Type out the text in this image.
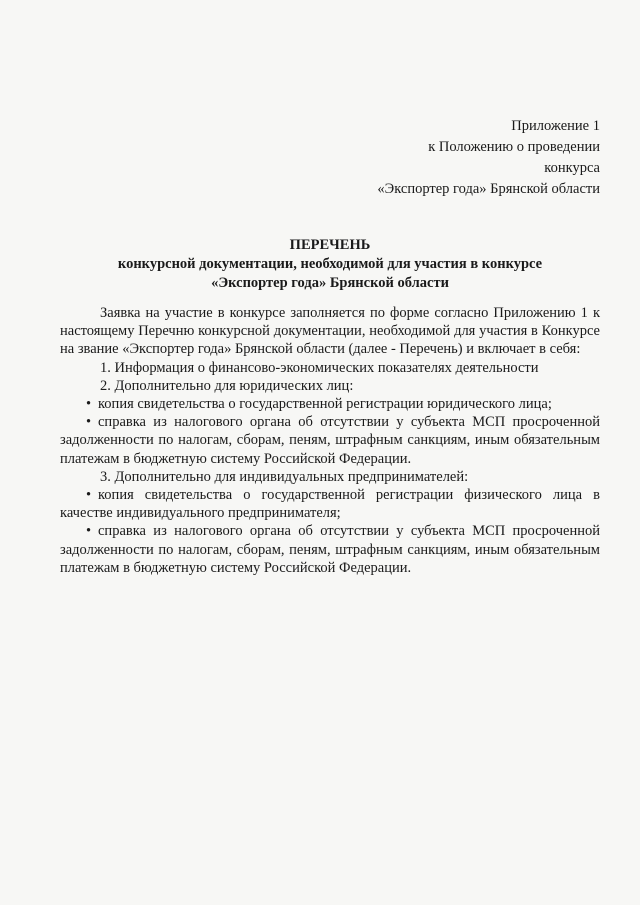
Приложение 1
к Положению о проведении
конкурса
«Экспортер года» Брянской области
ПЕРЕЧЕНЬ
конкурсной документации, необходимой для участия в конкурсе
«Экспортер года» Брянской области

Заявка на участие в конкурсе заполняется по форме согласно Приложению 1 к настоящему Перечню конкурсной документации, необходимой для участия в Конкурсе на звание «Экспортер года» Брянской области (далее - Перечень) и включает в себя:

1. Информация о финансово-экономических показателях деятельности

2. Дополнительно для юридических лиц:

• копия свидетельства о государственной регистрации юридического лица;

• справка из налогового органа об отсутствии у субъекта МСП просроченной задолженности по налогам, сборам, пеням, штрафным санкциям, иным обязательным платежам в бюджетную систему Российской Федерации.

3. Дополнительно для индивидуальных предпринимателей:

• копия свидетельства о государственной регистрации физического лица в качестве индивидуального предпринимателя;

• справка из налогового органа об отсутствии у субъекта МСП просроченной задолженности по налогам, сборам, пеням, штрафным санкциям, иным обязательным платежам в бюджетную систему Российской Федерации.
